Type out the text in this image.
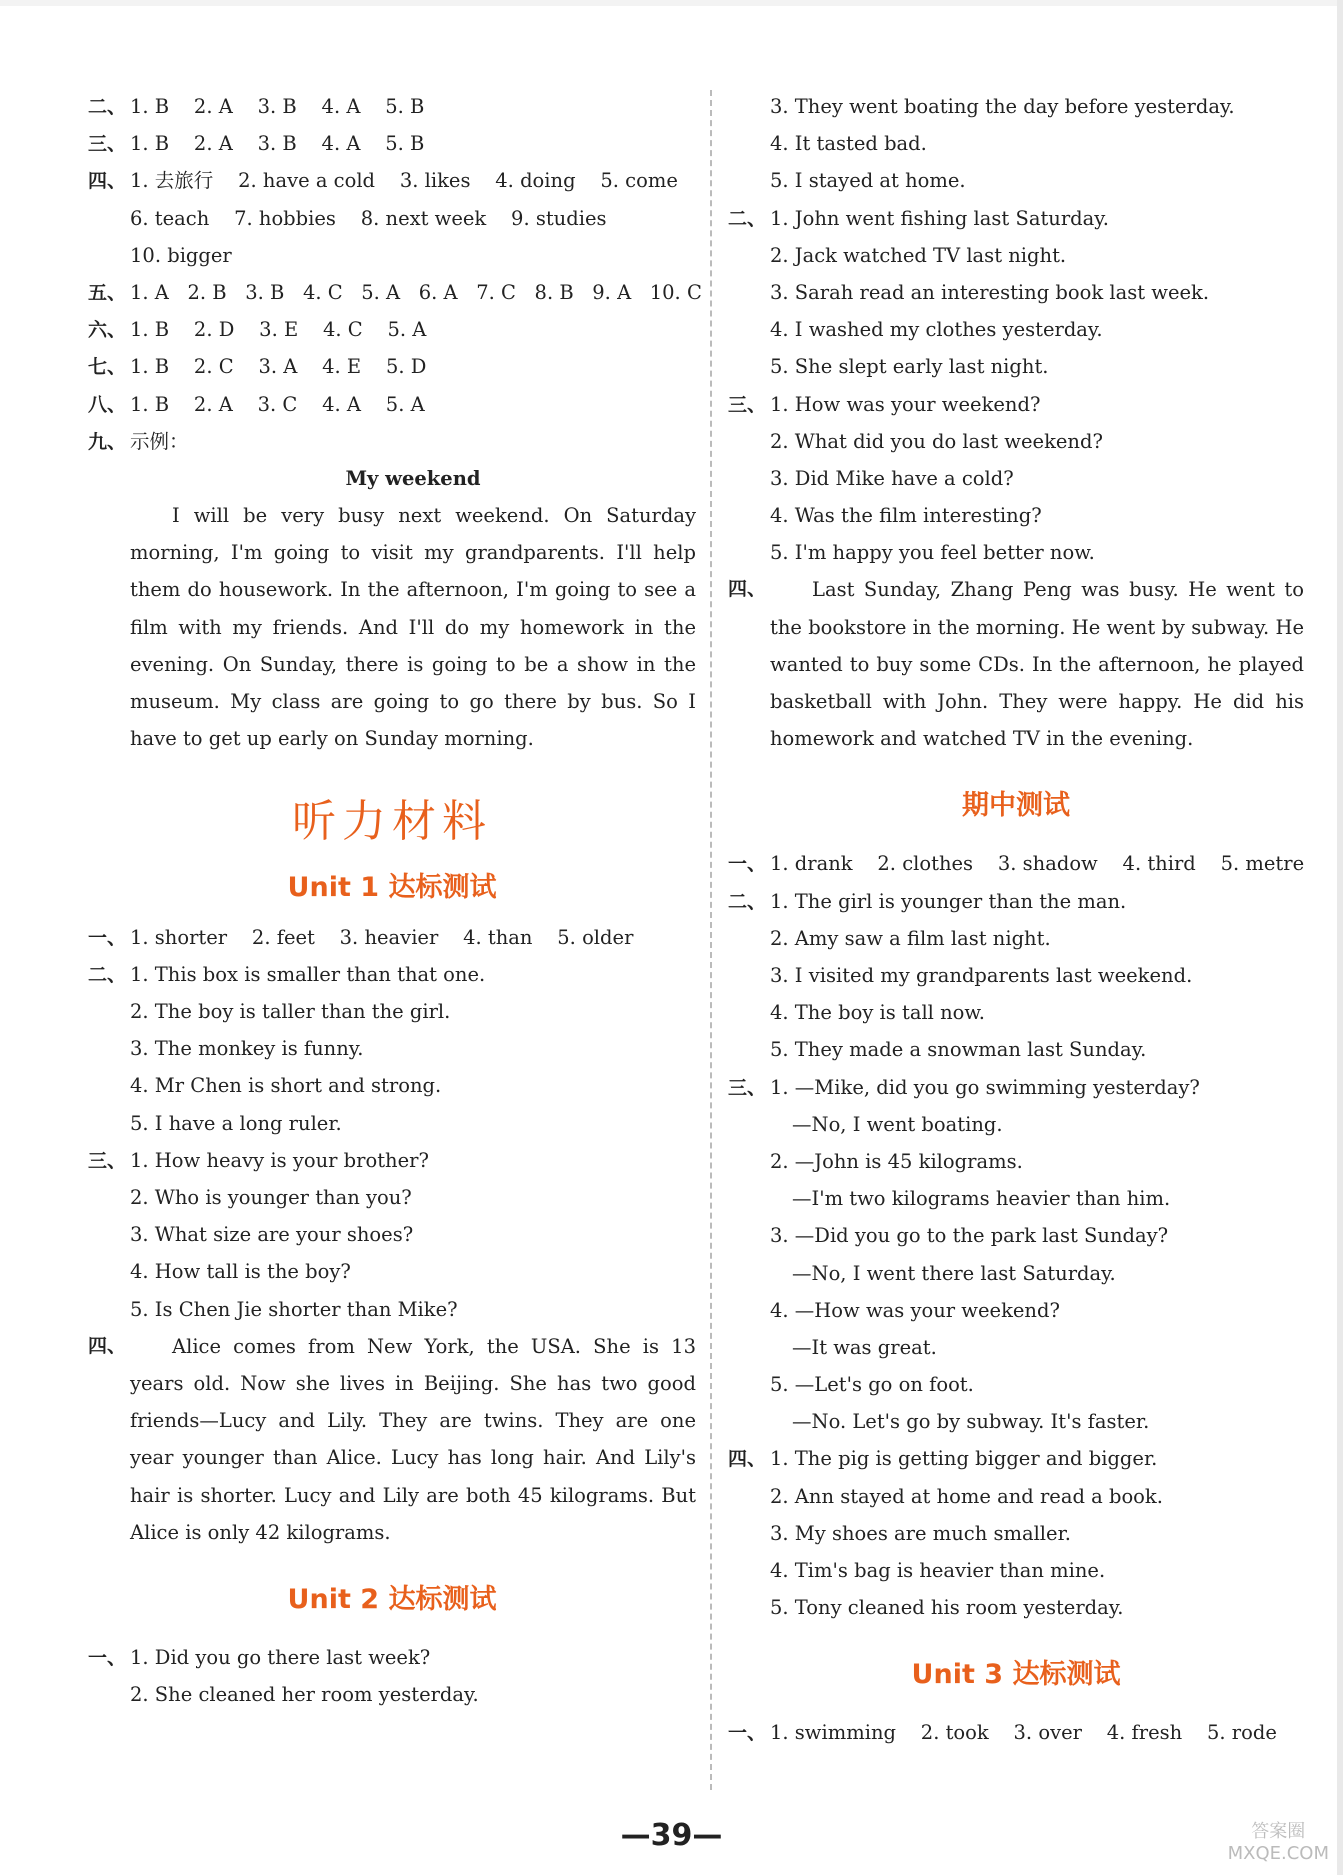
二、 1. B    2. A    3. B    4. A    5. B
三、 1. B    2. A    3. B    4. A    5. B
四、 1. 去旅行    2. have a cold    3. likes    4. doing    5. come
6. teach    7. hobbies    8. next week    9. studies
10. bigger
五、 1. A   2. B   3. B   4. C   5. A   6. A   7. C   8. B   9. A   10. C
六、 1. B    2. D    3. E    4. C    5. A
七、 1. B    2. C    3. A    4. E    5. D
八、 1. B    2. A    3. C    4. A    5. A
九、 示例：
My weekend
I will be very busy next weekend. On Saturday morning, I'm going to visit my grandparents. I'll help them do housework. In the afternoon, I'm going to see a film with my friends. And I'll do my homework in the evening. On Sunday, there is going to be a show in the museum. My class are going to go there by bus. So I have to get up early on Sunday morning.
听力材料
Unit 1 达标测试
一、 1. shorter    2. feet    3. heavier    4. than    5. older
二、 1. This box is smaller than that one.
2. The boy is taller than the girl.
3. The monkey is funny.
4. Mr Chen is short and strong.
5. I have a long ruler.
三、 1. How heavy is your brother?
2. Who is younger than you?
3. What size are your shoes?
4. How tall is the boy?
5. Is Chen Jie shorter than Mike?
四、	Alice comes from New York, the USA. She is 13 years old. Now she lives in Beijing. She has two good friends—Lucy and Lily. They are twins. They are one year younger than Alice. Lucy has long hair. And Lily's hair is shorter. Lucy and Lily are both 45 kilograms. But Alice is only 42 kilograms.
Unit 2 达标测试
一、 1. Did you go there last week?
2. She cleaned her room yesterday.
3. They went boating the day before yesterday.
4. It tasted bad.
5. I stayed at home.
二、 1. John went fishing last Saturday.
2. Jack watched TV last night.
3. Sarah read an interesting book last week.
4. I washed my clothes yesterday.
5. She slept early last night.
三、 1. How was your weekend?
2. What did you do last weekend?
3. Did Mike have a cold?
4. Was the film interesting?
5. I'm happy you feel better now.
四、	Last Sunday, Zhang Peng was busy. He went to the bookstore in the morning. He went by subway. He wanted to buy some CDs. In the afternoon, he played basketball with John. They were happy. He did his homework and watched TV in the evening.
期中测试
一、 1. drank    2. clothes    3. shadow    4. third    5. metre
二、 1. The girl is younger than the man.
2. Amy saw a film last night.
3. I visited my grandparents last weekend.
4. The boy is tall now.
5. They made a snowman last Sunday.
三、 1. —Mike, did you go swimming yesterday?
—No, I went boating.
2. —John is 45 kilograms.
—I'm two kilograms heavier than him.
3. —Did you go to the park last Sunday?
—No, I went there last Saturday.
4. —How was your weekend?
—It was great.
5. —Let's go on foot.
—No. Let's go by subway. It's faster.
四、 1. The pig is getting bigger and bigger.
2. Ann stayed at home and read a book.
3. My shoes are much smaller.
4. Tim's bag is heavier than mine.
5. Tony cleaned his room yesterday.
Unit 3 达标测试
一、 1. swimming    2. took    3. over    4. fresh    5. rode
—39—	答案圈
MXQE.COM
